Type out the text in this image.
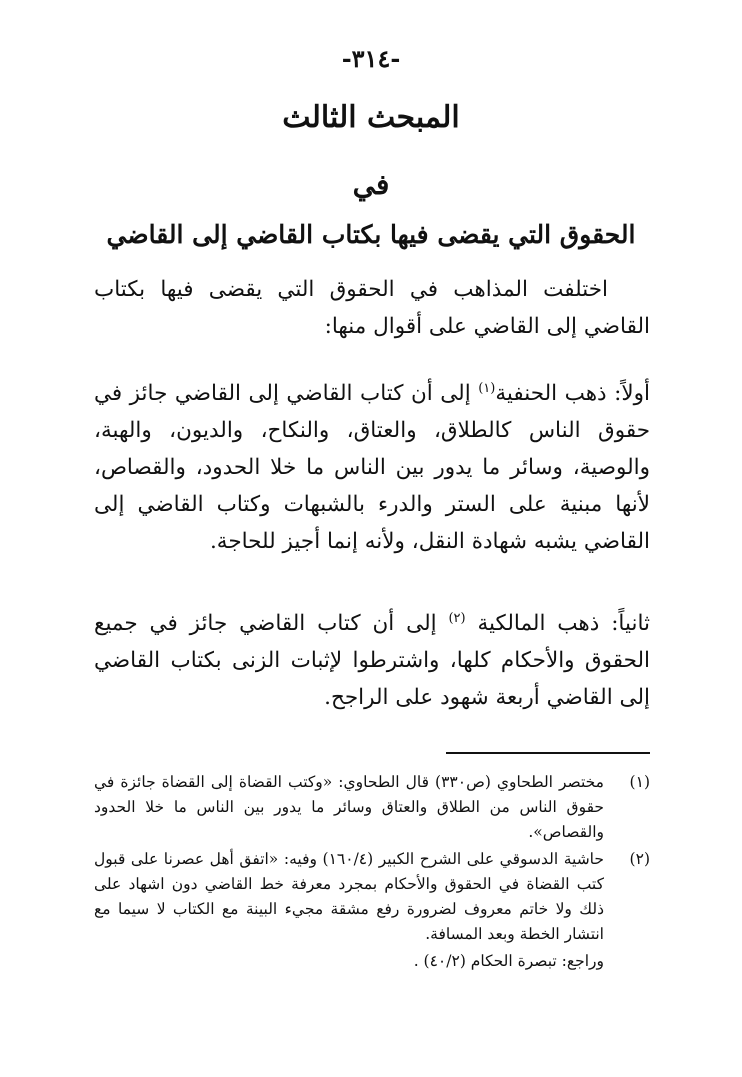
-٣١٤-
المبحث الثالث
في
الحقوق التي يقضى فيها بكتاب القاضي إلى القاضي

اختلفت المذاهب في الحقوق التي يقضى فيها بكتاب القاضي إلى القاضي على أقوال منها:

أولاً: ذهب الحنفية$^{(١)}$ إلى أن كتاب القاضي إلى القاضي جائز في حقوق الناس كالطلاق، والعتاق، والنكاح، والديون، والهبة، والوصية، وسائر ما يدور بين الناس ما خلا الحدود، والقصاص، لأنها مبنية على الستر والدرء بالشبهات وكتاب القاضي إلى القاضي يشبه شهادة النقل، ولأنه إنما أجيز للحاجة.

ثانياً: ذهب المالكية $^{(٢)}$ إلى أن كتاب القاضي جائز في جميع الحقوق والأحكام كلها، واشترطوا لإثبات الزنى بكتاب القاضي إلى القاضي أربعة شهود على الراجح.

(١)
مختصر الطحاوي (ص٣٣٠) قال الطحاوي: «وكتب القضاة إلى القضاة جائزة في حقوق الناس من الطلاق والعتاق وسائر ما يدور بين الناس ما خلا الحدود والقصاص».
(٢)
حاشية الدسوقي على الشرح الكبير (١٦٠/٤) وفيه: «اتفق أهل عصرنا على قبول كتب القضاة في الحقوق والأحكام بمجرد معرفة خط القاضي دون اشهاد على ذلك ولا خاتم معروف لضرورة رفع مشقة مجيء البينة مع الكتاب لا سيما مع انتشار الخطة وبعد المسافة.
وراجع: تبصرة الحكام (٤٠/٢) .
